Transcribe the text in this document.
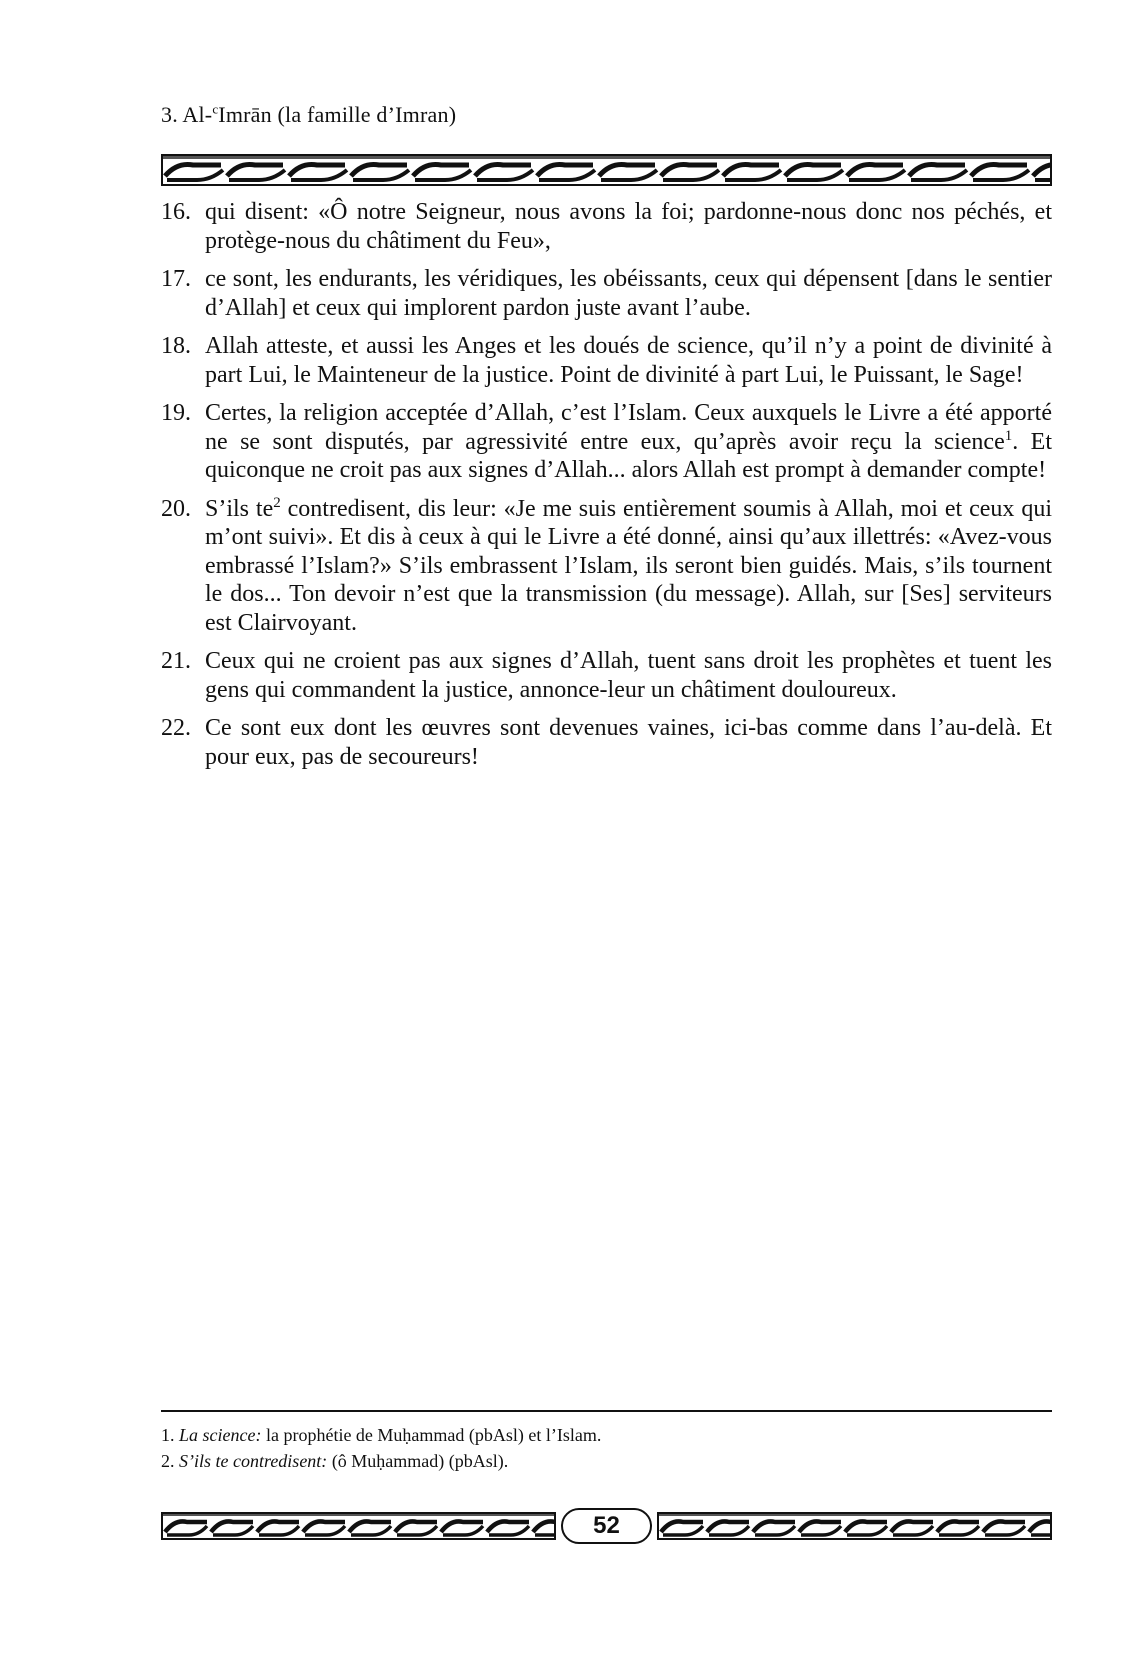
3. Al-$^c$Imrān (la famille d’Imran)
16. qui disent: «Ô notre Seigneur, nous avons la foi; pardonne-nous donc nos péchés, et protège-nous du châtiment du Feu»,
17. ce sont, les endurants, les véridiques, les obéissants, ceux qui dépensent [dans le sentier d’Allah] et ceux qui implorent pardon juste avant l’aube.
18. Allah atteste, et aussi les Anges et les doués de science, qu’il n’y a point de divinité à part Lui, le Mainteneur de la justice. Point de divinité à part Lui, le Puissant, le Sage!
19. Certes, la religion acceptée d’Allah, c’est l’Islam. Ceux auxquels le Livre a été apporté ne se sont disputés, par agressivité entre eux, qu’après avoir reçu la science$^1$. Et quiconque ne croit pas aux signes d’Allah... alors Allah est prompt à demander compte!
20. S’ils $te^2$ contredisent, dis leur: «Je me suis entièrement soumis à Allah, moi et ceux qui m’ont suivi». Et dis à ceux à qui le Livre a été donné, ainsi qu’aux illettrés: «Avez-vous embrassé l’Islam?» S’ils embrassent l’Islam, ils seront bien guidés. Mais, s’ils tournent le dos... Ton devoir n’est que la transmission (du message). Allah, sur [Ses] serviteurs est Clairvoyant.
21. Ceux qui ne croient pas aux signes d’Allah, tuent sans droit les prophètes et tuent les gens qui commandent la justice, annonce-leur un châtiment douloureux.
22. Ce sont eux dont les œuvres sont devenues vaines, ici-bas comme dans l’au-delà. Et pour eux, pas de secoureurs!
1. La science: la prophétie de Muḥammad (pbAsl) et l’Islam.
2. S’ils te contredisent: (ô Muḥammad) (pbAsl).
52
